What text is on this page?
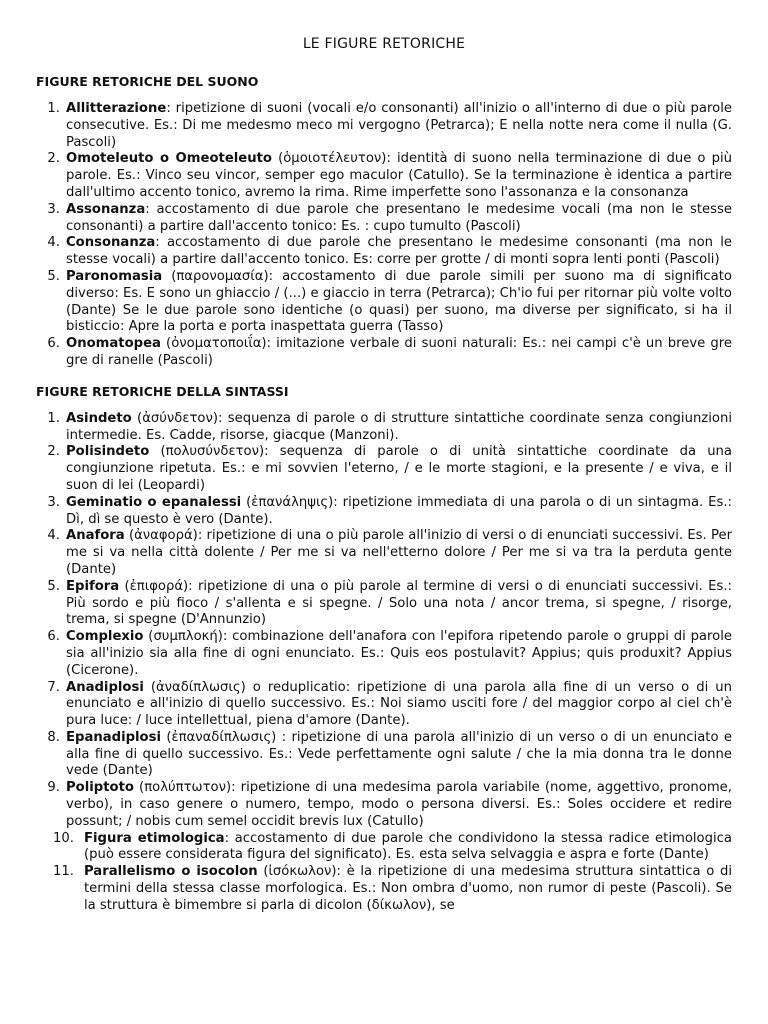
LE FIGURE RETORICHE
FIGURE RETORICHE DEL SUONO
1. Allitterazione: ripetizione di suoni (vocali e/o consonanti) all'inizio o all'interno di due o più parole consecutive. Es.: Di me medesmo meco mi vergogno (Petrarca); E nella notte nera come il nulla (G. Pascoli)
2. Omoteleuto o Omeoteleuto (ὁμοιοτέλευτον): identità di suono nella terminazione di due o più parole. Es.: Vinco seu vincor, semper ego maculor (Catullo). Se la terminazione è identica a partire dall'ultimo accento tonico, avremo la rima. Rime imperfette sono l'assonanza e la consonanza
3. Assonanza: accostamento di due parole che presentano le medesime vocali (ma non le stesse consonanti) a partire dall'accento tonico: Es. : cupo tumulto (Pascoli)
4. Consonanza: accostamento di due parole che presentano le medesime consonanti (ma non le stesse vocali) a partire dall'accento tonico. Es: corre per grotte / di monti sopra lenti ponti (Pascoli)
5. Paronomasia (παρονομασία): accostamento di due parole simili per suono ma di significato diverso: Es. E sono un ghiaccio / (...) e giaccio in terra (Petrarca); Ch'io fui per ritornar più volte volto (Dante) Se le due parole sono identiche (o quasi) per suono, ma diverse per significato, si ha il bisticcio: Apre la porta e porta inaspettata guerra (Tasso)
6. Onomatopea (ὀνοματοποιΐα): imitazione verbale di suoni naturali: Es.: nei campi c'è un breve gre gre di ranelle (Pascoli)
FIGURE RETORICHE DELLA SINTASSI
1. Asindeto (ἀσύνδετον): sequenza di parole o di strutture sintattiche coordinate senza congiunzioni intermedie. Es. Cadde, risorse, giacque (Manzoni).
2. Polisindeto (πολυσύνδετον): sequenza di parole o di unità sintattiche coordinate da una congiunzione ripetuta. Es.: e mi sovvien l'eterno, / e le morte stagioni, e la presente / e viva, e il suon di lei (Leopardi)
3. Geminatio o epanalessi (ἐπανάληψις): ripetizione immediata di una parola o di un sintagma. Es.: Dì, dì se questo è vero (Dante).
4. Anafora (ἀναφορά): ripetizione di una o più parole all'inizio di versi o di enunciati successivi. Es. Per me si va nella città dolente / Per me si va nell'etterno dolore / Per me si va tra la perduta gente (Dante)
5. Epifora (ἐπιφορά): ripetizione di una o più parole al termine di versi o di enunciati successivi. Es.: Più sordo e più fioco / s'allenta e si spegne. / Solo una nota / ancor trema, si spegne, / risorge, trema, si spegne (D'Annunzio)
6. Complexio (συμπλοκή): combinazione dell'anafora con l'epifora ripetendo parole o gruppi di parole sia all'inizio sia alla fine di ogni enunciato. Es.: Quis eos postulavit? Appius; quis produxit? Appius (Cicerone).
7. Anadiplosi (ἀναδίπλωσις) o reduplicatio: ripetizione di una parola alla fine di un verso o di un enunciato e all'inizio di quello successivo. Es.: Noi siamo usciti fore / del maggior corpo al ciel ch'è pura luce: / luce intellettual, piena d'amore (Dante).
8. Epanadiplosi (ἐπαναδίπλωσις) : ripetizione di una parola all'inizio di un verso o di un enunciato e alla fine di quello successivo. Es.: Vede perfettamente ogni salute / che la mia donna tra le donne vede (Dante)
9. Poliptoto (πολύπτωτον): ripetizione di una medesima parola variabile (nome, aggettivo, pronome, verbo), in caso genere o numero, tempo, modo o persona diversi. Es.: Soles occidere et redire possunt; / nobis cum semel occidit brevis lux (Catullo)
10. Figura etimologica: accostamento di due parole che condividono la stessa radice etimologica (può essere considerata figura del significato). Es. esta selva selvaggia e aspra e forte (Dante)
11. Parallelismo o isocolon (ἰσόκωλον): è la ripetizione di una medesima struttura sintattica o di termini della stessa classe morfologica. Es.: Non ombra d'uomo, non rumor di peste (Pascoli). Se la struttura è bimembre si parla di dicolon (δίκωλον), se
